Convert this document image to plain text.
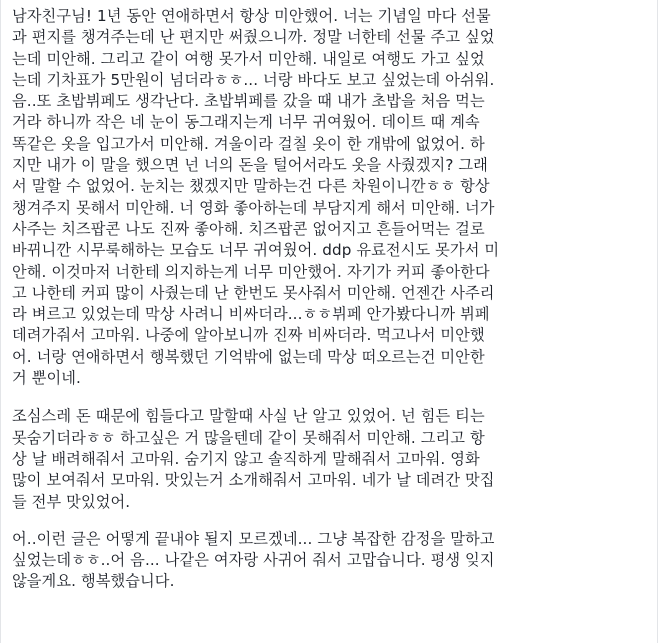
남자친구님! 1년 동안 연애하면서 항상 미안했어. 너는 기념일 마다 선물
과 편지를 챙겨주는데 난 편지만 써줬으니까. 정말 너한테 선물 주고 싶었
는데 미안해. 그리고 같이 여행 못가서 미안해. 내일로 여행도 가고 싶었
는데 기차표가 5만원이 넘더라ㅎㅎ... 너랑 바다도 보고 싶었는데 아쉬워.
음..또 초밥뷔페도 생각난다. 초밥뷔페를 갔을 때 내가 초밥을 처음 먹는
거라 하니까 작은 네 눈이 동그래지는게 너무 귀여웠어. 데이트 때 계속
똑같은 옷을 입고가서 미안해. 겨울이라 걸칠 옷이 한 개밖에 없었어. 하
지만 내가 이 말을 했으면 넌 너의 돈을 털어서라도 옷을 사줬겠지? 그래
서 말할 수 없었어. 눈치는 챘겠지만 말하는건 다른 차원이니깐ㅎㅎ 항상
챙겨주지 못해서 미안해. 너 영화 좋아하는데 부담지게 해서 미안해. 너가
사주는 치즈팝콘 나도 진짜 좋아해. 치즈팝콘 없어지고 흔들어먹는 걸로
바뀌니깐 시무룩해하는 모습도 너무 귀여웠어. ddp 유료전시도 못가서 미
안해. 이것마저 너한테 의지하는게 너무 미안했어. 자기가 커피 좋아한다
고 나한테 커피 많이 사줬는데 난 한번도 못사줘서 미안해. 언젠간 사주리
라 벼르고 있었는데 막상 사려니 비싸더라...ㅎㅎ뷔페 안가봤다니까 뷔페
데려가줘서 고마워. 나중에 알아보니까 진짜 비싸더라. 먹고나서 미안했
어. 너랑 연애하면서 행복했던 기억밖에 없는데 막상 떠오르는건 미안한
거 뿐이네.

조심스레 돈 때문에 힘들다고 말할때 사실 난 알고 있었어. 넌 힘든 티는
못숨기더라ㅎㅎ 하고싶은 거 많을텐데 같이 못해줘서 미안해. 그리고 항
상 날 배려해줘서 고마워. 숨기지 않고 솔직하게 말해줘서 고마워. 영화
많이 보여줘서 모마워. 맛있는거 소개해줘서 고마워. 네가 날 데려간 맛집
들 전부 맛있었어.

어..이런 글은 어떻게 끝내야 될지 모르겠네... 그냥 복잡한 감정을 말하고
싶었는데ㅎㅎ..어 음... 나같은 여자랑 사귀어 줘서 고맙습니다. 평생 잊지
않을게요. 행복했습니다.
